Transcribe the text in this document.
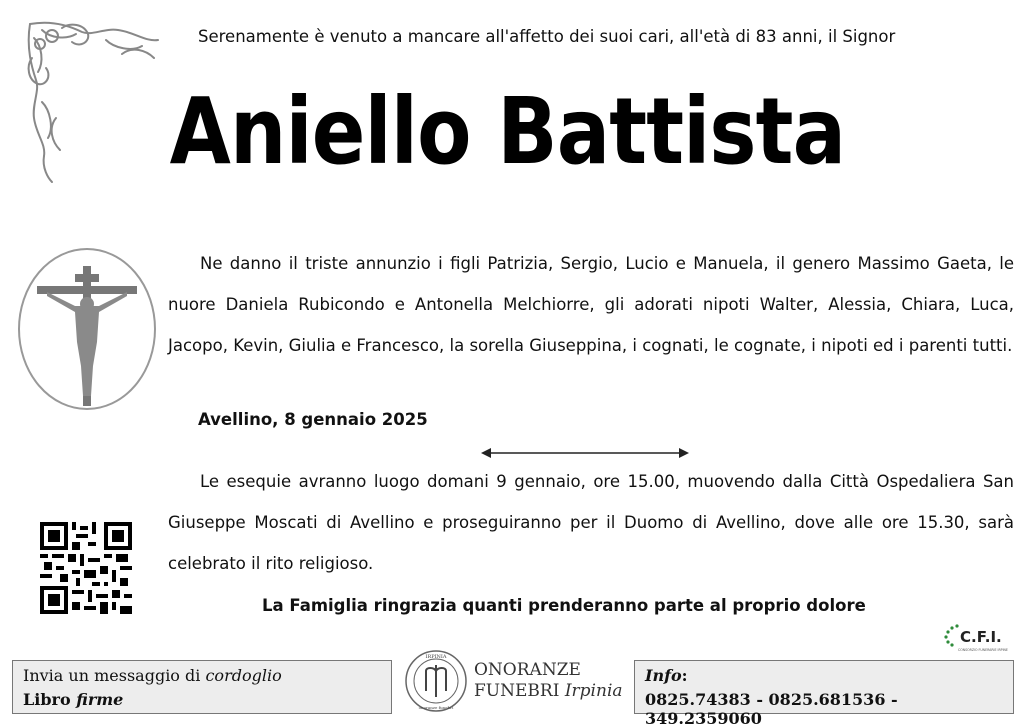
Serenamente è venuto a mancare all'affetto dei suoi cari, all'età di 83 anni, il Signor
Aniello Battista
Ne danno il triste annunzio i figli Patrizia, Sergio, Lucio e Manuela, il genero Massimo Gaeta, le nuore Daniela Rubicondo e Antonella Melchiorre, gli adorati nipoti Walter, Alessia, Chiara, Luca, Jacopo, Kevin, Giulia e Francesco, la sorella Giuseppina, i cognati, le cognate, i nipoti ed i parenti tutti.
Avellino, 8 gennaio 2025
Le esequie avranno luogo domani 9 gennaio, ore 15.00, muovendo dalla Città Ospedaliera San Giuseppe Moscati di Avellino e proseguiranno per il Duomo di Avellino, dove alle ore 15.30, sarà celebrato il rito religioso.
La Famiglia ringrazia quanti prenderanno parte al proprio dolore
C.F.I.
CONSORZIO FUNERARIE IRPINE
Invia un messaggio di cordoglio
Libro firme
IRPINIA
onoranze funebri
ONORANZE
FUNEBRI Irpinia
Info:
0825.74383 - 0825.681536 - 349.2359060
